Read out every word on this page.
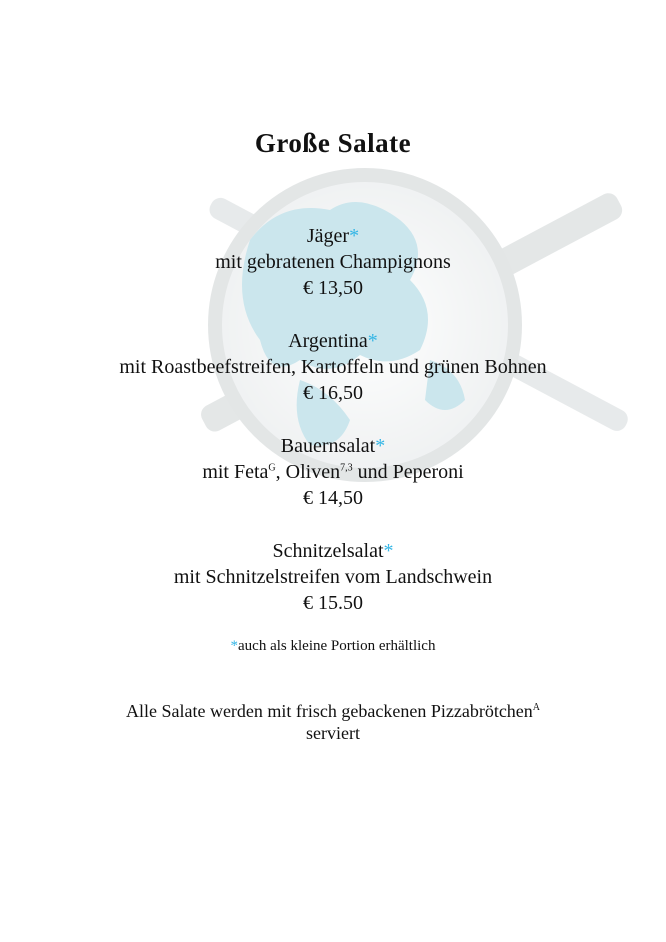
Große Salate
Jäger*
mit gebratenen Champignons
€ 13,50
Argentina*
mit Roastbeefstreifen, Kartoffeln und grünen Bohnen
€ 16,50
Bauernsalat*
mit Feta$^G$, Oliven$^{7,3}$ und Peperoni
€ 14,50
Schnitzelsalat*
mit Schnitzelstreifen vom Landschwein
€ 15.50
*auch als kleine Portion erhältlich
Alle Salate werden mit frisch gebackenen Pizzabrötchen$^A$
serviert
